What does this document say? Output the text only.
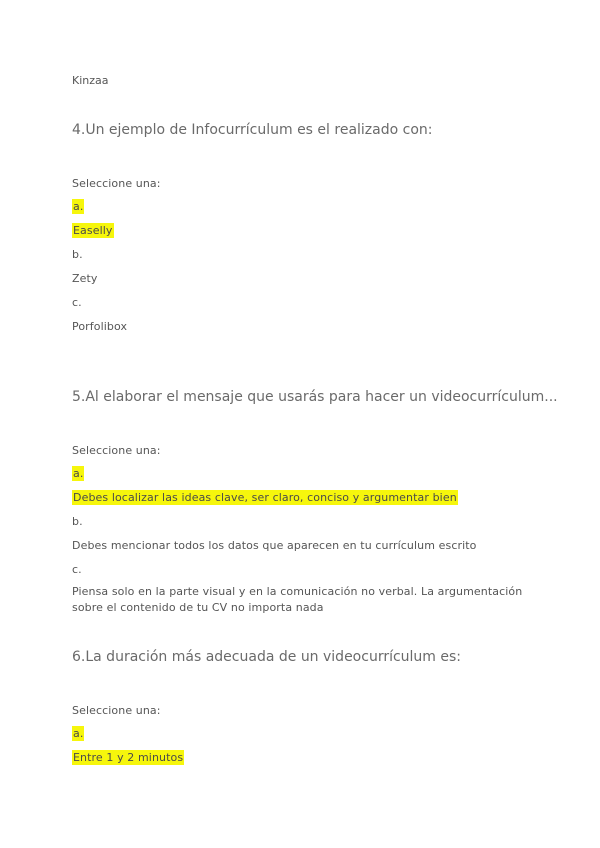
Kinzaa
4.Un ejemplo de Infocurrículum es el realizado con:
Seleccione una:
a.
Easelly
b.
Zety
c.
Porfolibox
5.Al elaborar el mensaje que usarás para hacer un videocurrículum...
Seleccione una:
a.
Debes localizar las ideas clave, ser claro, conciso y argumentar bien
b.
Debes mencionar todos los datos que aparecen en tu currículum escrito
c.
Piensa solo en la parte visual y en la comunicación no verbal. La argumentación sobre el contenido de tu CV no importa nada
6.La duración más adecuada de un videocurrículum es:
Seleccione una:
a.
Entre 1 y 2 minutos
